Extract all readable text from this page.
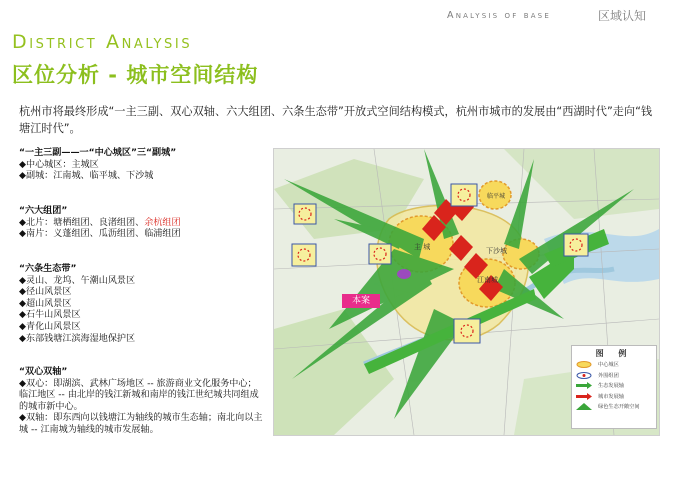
Analysis of base	区域认知
District Analysis
区位分析 - 城市空间结构
杭州市将最终形成“一主三副、双心双轴、六大组团、六条生态带”开放式空间结构模式，杭州市城市的发展由“西湖时代”走向“钱塘江时代”。
“一主三副——一“中心城区”三“副城”
◆中心城区：主城区
◆副城：江南城、临平城、下沙城
“六大组团”
◆北片：塘栖组团、良渚组团、余杭组团
◆南片：义蓬组团、瓜沥组团、临浦组团
“六条生态带”
◆灵山、龙坞、午潮山风景区
◆径山风景区
◆超山风景区
◆石牛山风景区
◆青化山风景区
◆东部钱塘江滨海湿地保护区
“双心双轴”
◆双心：即湖滨、武林广场地区 -- 旅游商业文化服务中心；临江地区 -- 由北岸的钱江新城和南岸的钱江世纪城共同组成的城市新中心。
◆双轴：即东西向以钱塘江为轴线的城市生态轴；南北向以主城 -- 江南城为轴线的城市发展轴。
主 城	下沙城
江南城
临平城
本案
图 例
中心城区
外围组团
生态发展轴
城市发展轴
绿色生态开敞空间
